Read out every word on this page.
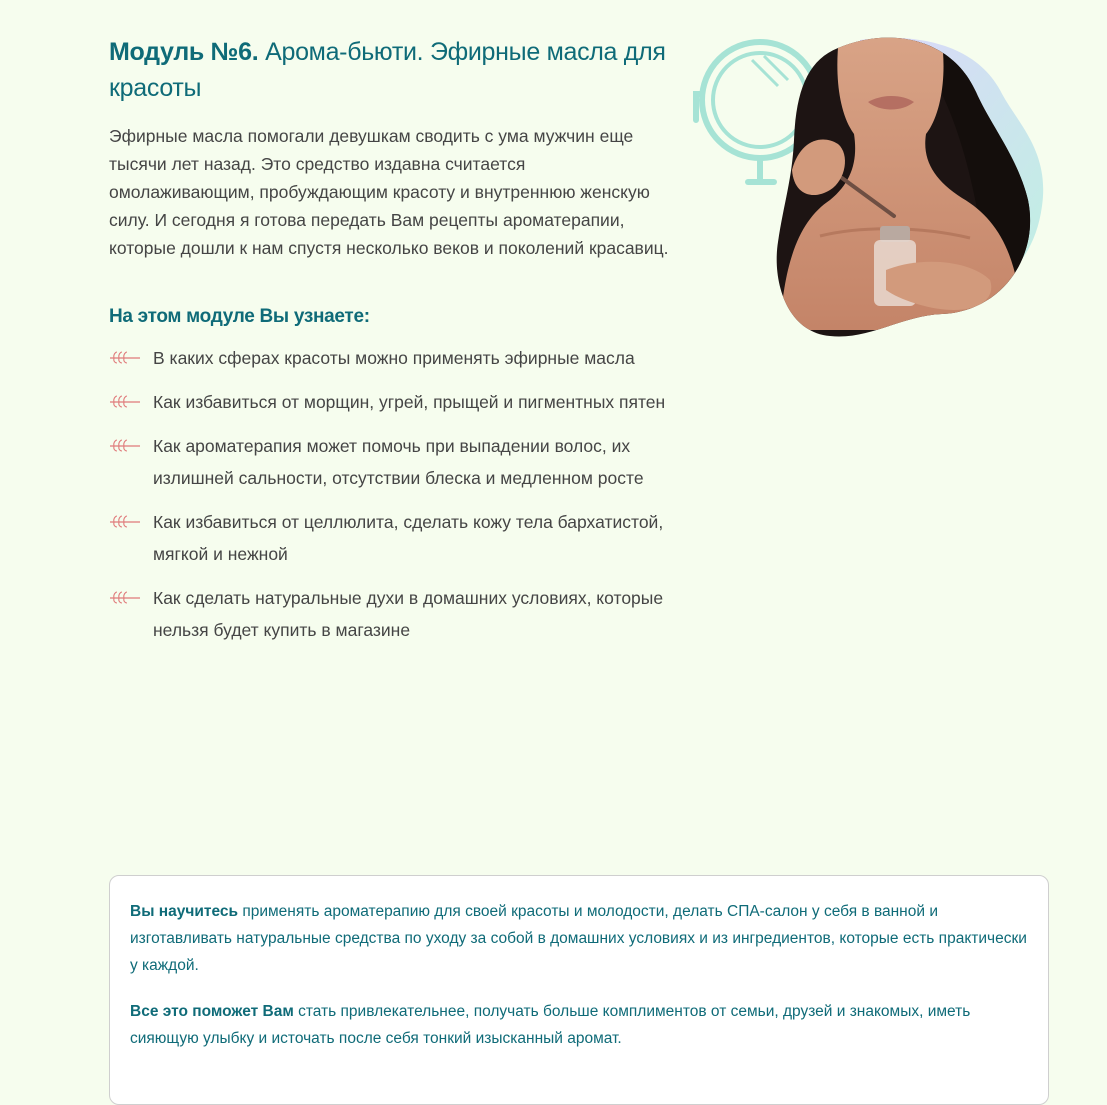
Модуль №6. Арома-бьюти. Эфирные масла для красоты

Эфирные масла помогали девушкам сводить с ума мужчин еще тысячи лет назад. Это средство издавна считается омолаживающим, пробуждающим красоту и внутреннюю женскую силу. И сегодня я готова передать Вам рецепты ароматерапии, которые дошли к нам спустя несколько веков и поколений красавиц.

На этом модуле Вы узнаете:
В каких сферах красоты можно применять эфирные масла
Как избавиться от морщин, угрей, прыщей и пигментных пятен
Как ароматерапия может помочь при выпадении волос, их излишней сальности, отсутствии блеска и медленном росте
Как избавиться от целлюлита, сделать кожу тела бархатистой, мягкой и нежной
Как сделать натуральные духи в домашних условиях, которые нельзя будет купить в магазине

Вы научитесь применять ароматерапию для своей красоты и молодости, делать СПА-салон у себя в ванной и изготавливать натуральные средства по уходу за собой в домашних условиях и из ингредиентов, которые есть практически у каждой.

Все это поможет Вам стать привлекательнее, получать больше комплиментов от семьи, друзей и знакомых, иметь сияющую улыбку и источать после себя тонкий изысканный аромат.
